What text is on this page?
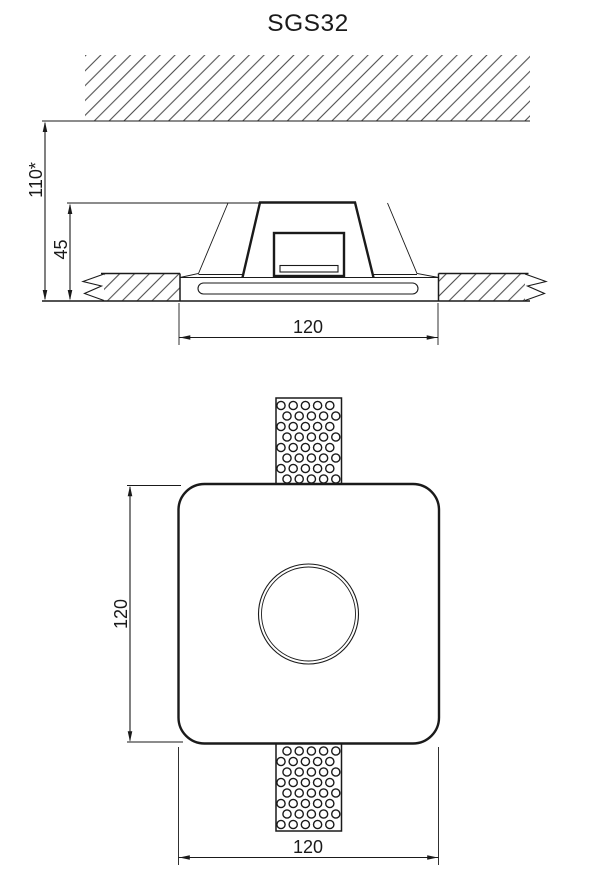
SGS32
110*
45
120
120
120
